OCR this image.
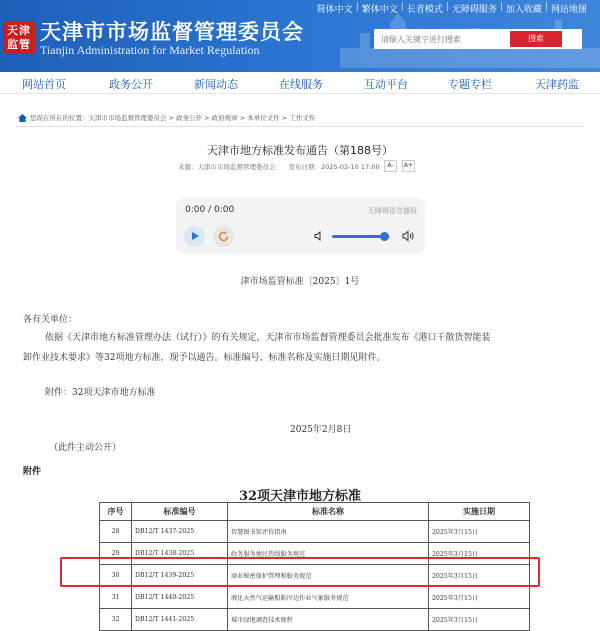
天津监管
天津市市场监督管理委员会
Tianjin Administration for Market Regulation
简体中文 | 繁体中文 | 长者模式 | 无障碍服务 | 加入收藏 | 网站地图
请输入关键字进行搜索
搜索
网站首页	政务公开	新闻动态	在线服务	互动平台	专题专栏	天津药监
您现在所在的位置：天津市市场监督管理委员会 > 政务公开 > 政府规章 > 本单位文件 > 工作文件
天津市地方标准发布通告（第188号）
来源：天津市市场监督管理委员会　　发布日期：2025-02-10 17:00	A-	A+
0:00 / 0:00	无障碍语音播报
津市场监管标准〔2025〕1号
各有关单位：
依据《天津市地方标准管理办法（试行）》的有关规定，天津市市场监督管理委员会批准发布《港口干散货智能装
卸作业技术要求》等32项地方标准，现予以通告。标准编号、标准名称及实施日期见附件。
附件：32项天津市地方标准
2025年2月8日
（此件主动公开）
附件
32项天津市地方标准
序号	标准编号	标准名称	实施日期
28	DB12/T 1437-2025	智慧图书馆评价指南	2025年3月15日
29	DB12/T 1438-2025	政务服务便民热线服务规范	2025年3月15日
30	DB12/T 1439-2025	商业秘密保护管理和服务规范	2025年3月15日
31	DB12/T 1440-2025	液化天然气运输船舶岸边作业气象服务规范	2025年3月15日
32	DB12/T 1441-2025	城市绿地调查技术规程	2025年3月15日
